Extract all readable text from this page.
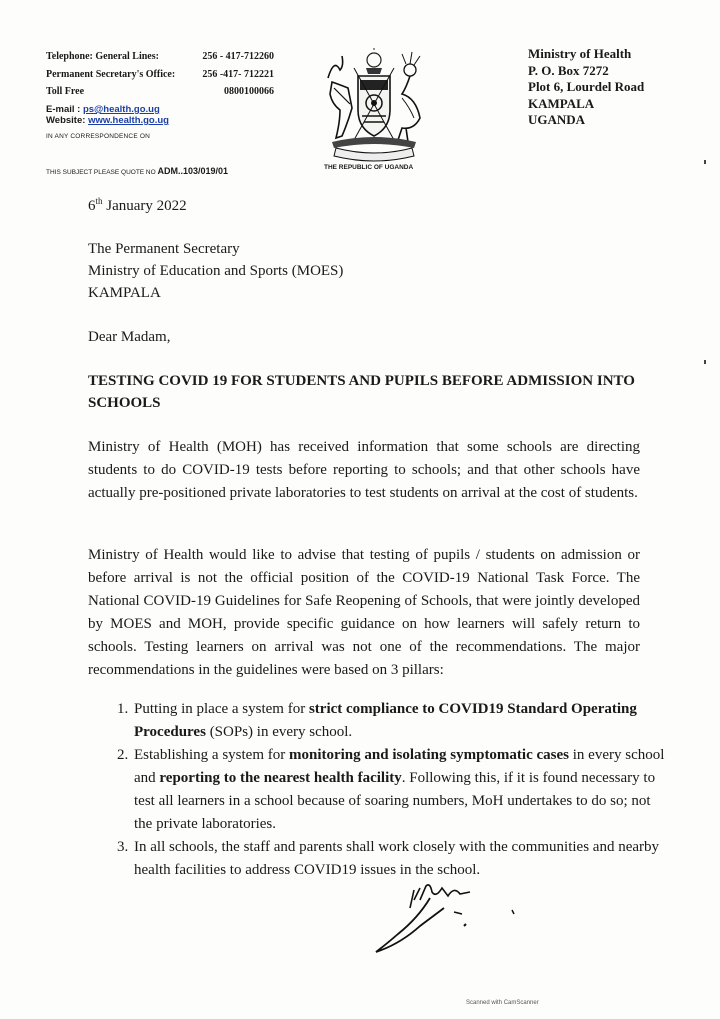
Telephone: General Lines:	256 - 417-712260
Permanent Secretary's Office:	256 -417- 712221
Toll Free	0800100066
E-mail : ps@health.go.ug
Website: www.health.go.ug
IN ANY CORRESPONDENCE ON
THIS SUBJECT PLEASE QUOTE NO ADM..103/019/01	THE REPUBLIC OF UGANDA
Ministry of Health
P. O. Box 7272
Plot 6, Lourdel Road
KAMPALA
UGANDA
6th January 2022
The Permanent Secretary
Ministry of Education and Sports (MOES)
KAMPALA
Dear Madam,
TESTING COVID 19 FOR STUDENTS AND PUPILS BEFORE ADMISSION INTO SCHOOLS
Ministry of Health (MOH) has received information that some schools are directing students to do COVID-19 tests before reporting to schools; and that other schools have actually pre-positioned private laboratories to test students on arrival at the cost of students.
Ministry of Health would like to advise that testing of pupils / students on admission or before arrival is not the official position of the COVID-19 National Task Force. The National COVID-19 Guidelines for Safe Reopening of Schools, that were jointly developed by MOES and MOH, provide specific guidance on how learners will safely return to schools. Testing learners on arrival was not one of the recommendations. The major recommendations in the guidelines were based on 3 pillars:
1. Putting in place a system for strict compliance to COVID19 Standard Operating Procedures (SOPs) in every school.
2. Establishing a system for monitoring and isolating symptomatic cases in every school and reporting to the nearest health facility. Following this, if it is found necessary to test all learners in a school because of soaring numbers, MoH undertakes to do so; not the private laboratories.
3. In all schools, the staff and parents shall work closely with the communities and nearby health facilities to address COVID19 issues in the school.
Scanned with CamScanner
